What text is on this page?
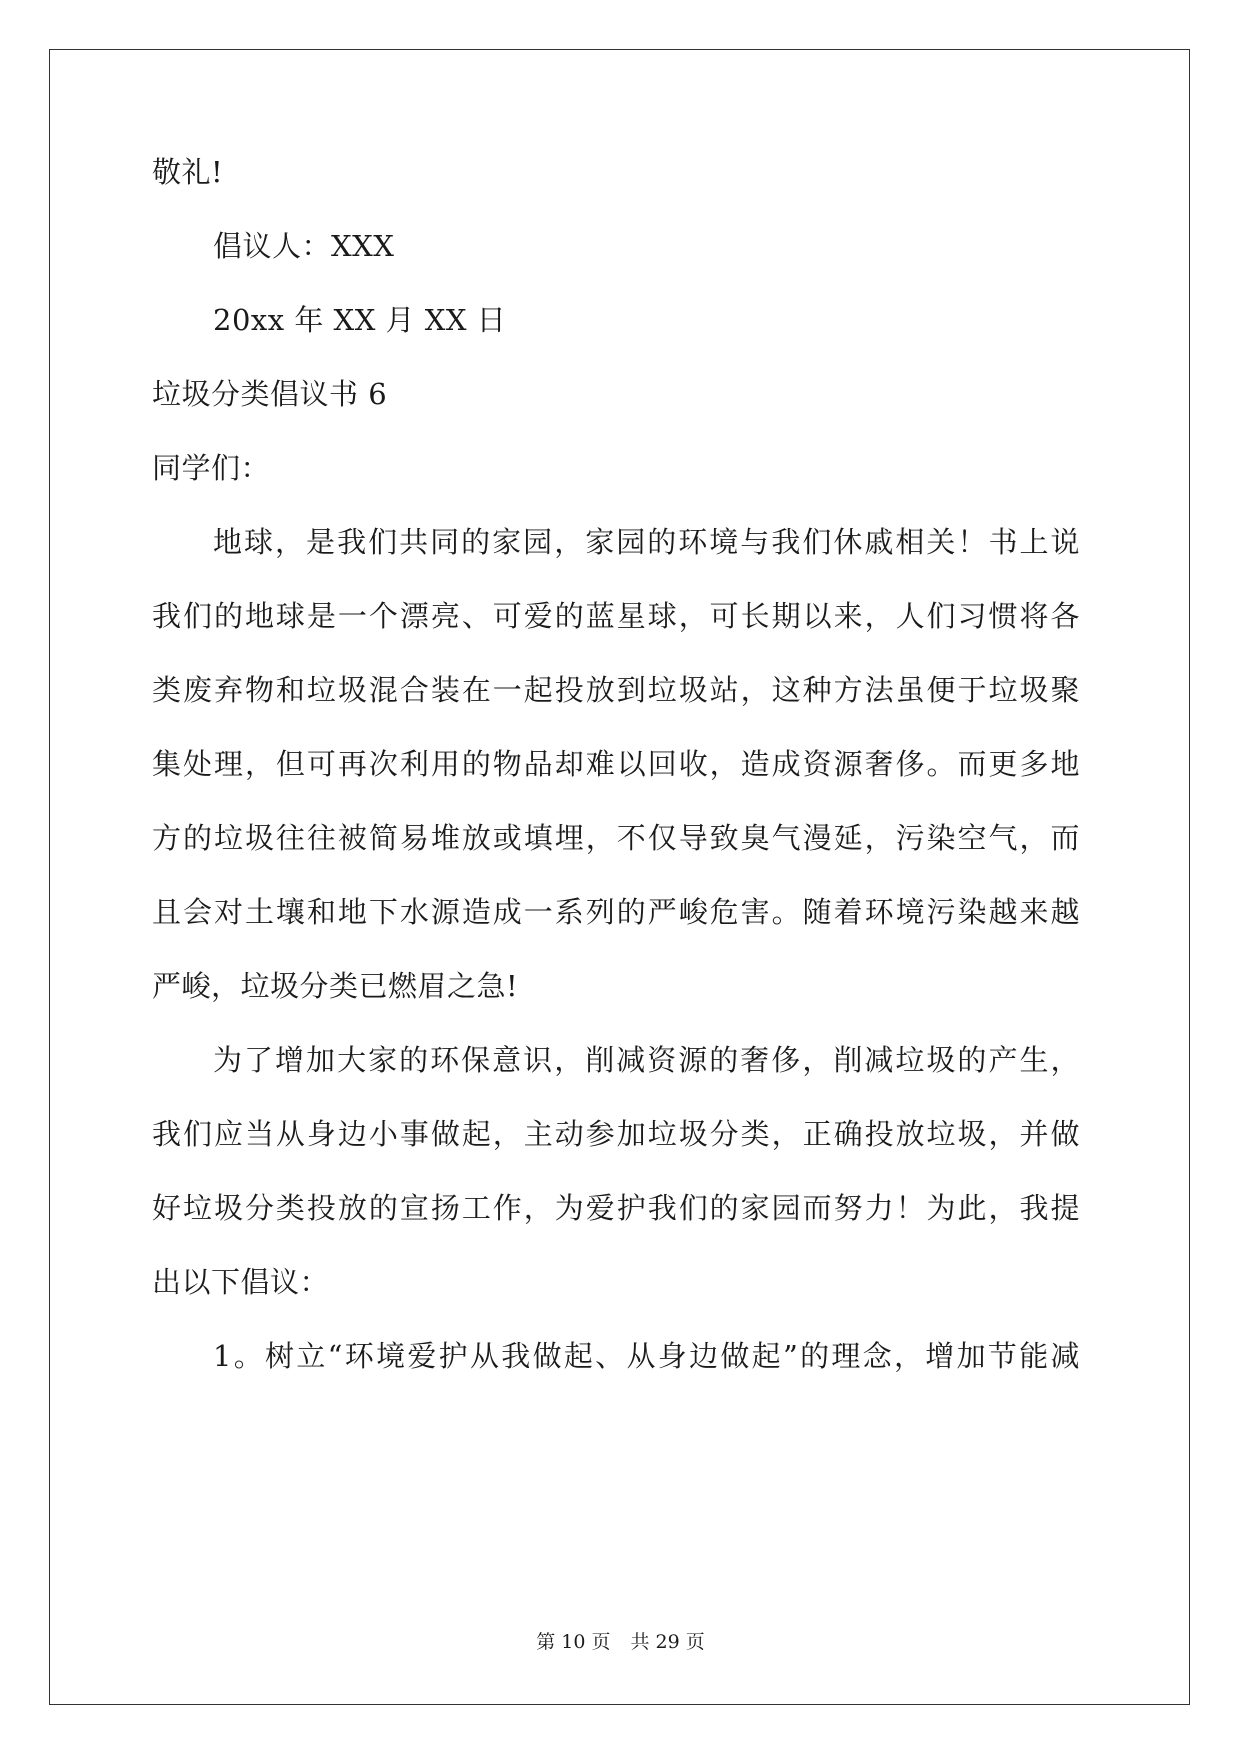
敬礼!
倡议人：XXX
20xx 年 XX 月 XX 日
垃圾分类倡议书 6
同学们：
地球，是我们共同的家园，家园的环境与我们休戚相关！书上说
我们的地球是一个漂亮、可爱的蓝星球，可长期以来，人们习惯将各
类废弃物和垃圾混合装在一起投放到垃圾站，这种方法虽便于垃圾聚
集处理，但可再次利用的物品却难以回收，造成资源奢侈。而更多地
方的垃圾往往被简易堆放或填埋，不仅导致臭气漫延，污染空气，而
且会对土壤和地下水源造成一系列的严峻危害。随着环境污染越来越
严峻，垃圾分类已燃眉之急!
为了增加大家的环保意识，削减资源的奢侈，削减垃圾的产生，
我们应当从身边小事做起，主动参加垃圾分类，正确投放垃圾，并做
好垃圾分类投放的宣扬工作，为爱护我们的家园而努力！为此，我提
出以下倡议：
1。树立“环境爱护从我做起、从身边做起”的理念，增加节能减
第 10 页 共 29 页
